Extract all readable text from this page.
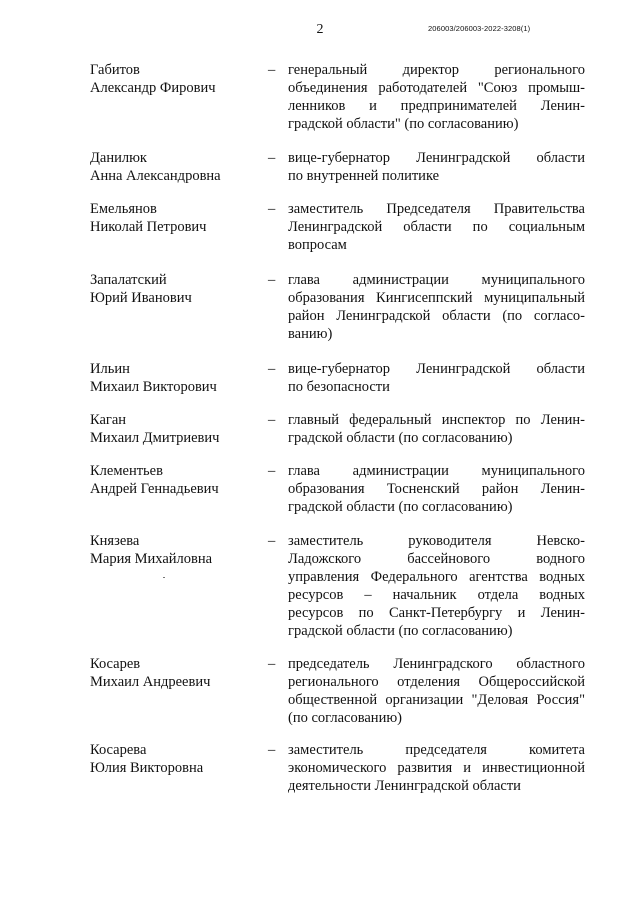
2	206003/206003-2022-3208(1)
Габитов
Александр Фирович
– генеральный директор регионального
объединения работодателей "Союз промыш-
ленников и предпринимателей Ленин-
градской области" (по согласованию)
Данилюк
Анна Александровна
– вице-губернатор Ленинградской области
по внутренней политике
Емельянов
Николай Петрович
– заместитель Председателя Правительства
Ленинградской области по социальным
вопросам
Запалатский
Юрий Иванович
– глава администрации муниципального
образования Кингисеппский муниципальный
район Ленинградской области (по согласо-
ванию)
Ильин
Михаил Викторович
– вице-губернатор Ленинградской области
по безопасности
Каган
Михаил Дмитриевич
– главный федеральный инспектор по Ленин-
градской области (по согласованию)
Клементьев
Андрей Геннадьевич
– глава администрации муниципального
образования Тосненский район Ленин-
градской области (по согласованию)
Князева
Мария Михайловна
– заместитель руководителя Невско-
Ладожского бассейнового водного
управления Федерального агентства водных
ресурсов – начальник отдела водных
ресурсов по Санкт-Петербургу и Ленин-
градской области (по согласованию)
Косарев
Михаил Андреевич
– председатель Ленинградского областного
регионального отделения Общероссийской
общественной организации "Деловая Россия"
(по согласованию)
Косарева
Юлия Викторовна
– заместитель председателя комитета
экономического развития и инвестиционной
деятельности Ленинградской области
